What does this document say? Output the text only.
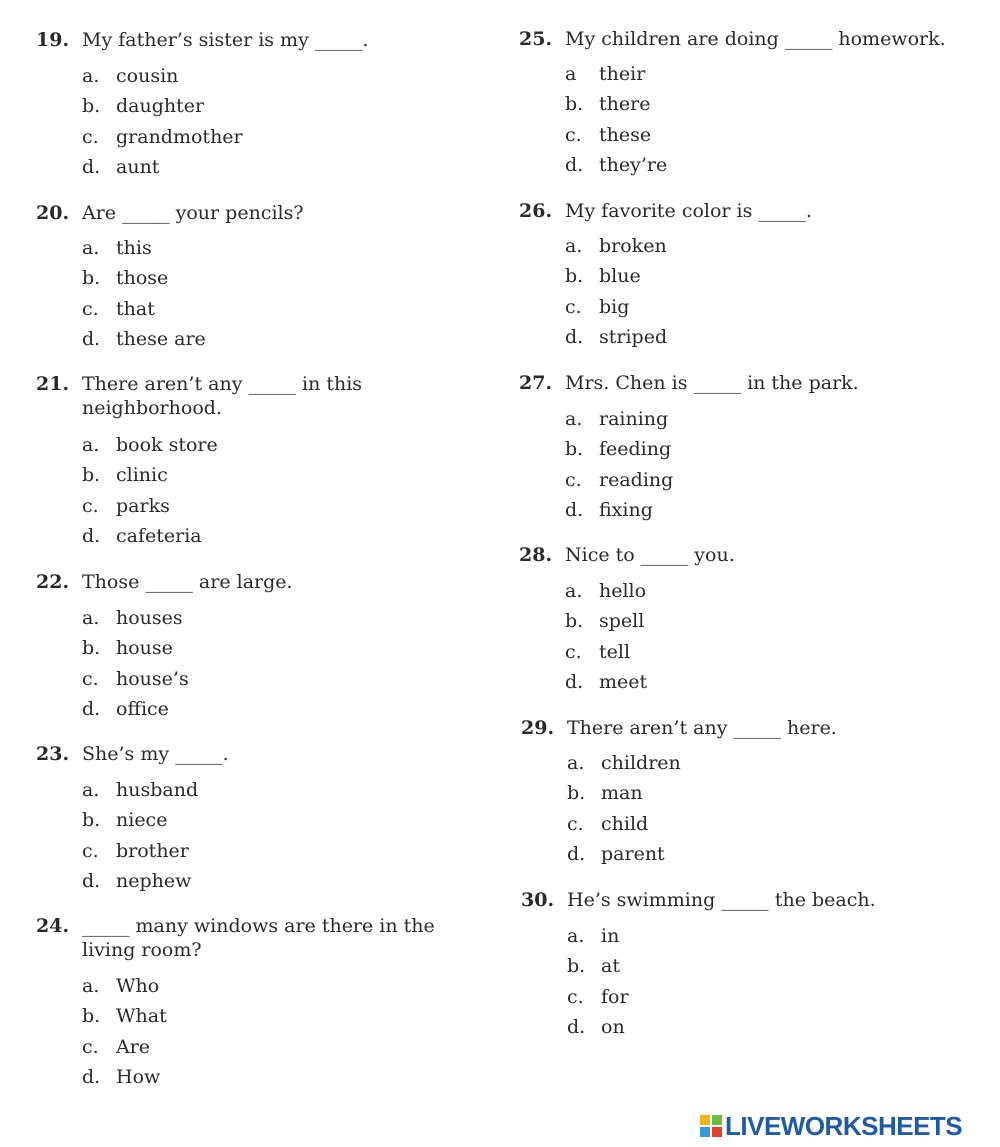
19. My father’s sister is my _____.
a. cousin
b. daughter
c. grandmother
d. aunt
20. Are _____ your pencils?
a. this
b. those
c. that
d. these are
21. There aren’t any _____ in this neighborhood.
a. book store
b. clinic
c. parks
d. cafeteria
22. Those _____ are large.
a. houses
b. house
c. house’s
d. office
23. She’s my _____.
a. husband
b. niece
c. brother
d. nephew
24. _____ many windows are there in the living room?
a. Who
b. What
c. Are
d. How
25. My children are doing _____ homework.
a their
b. there
c. these
d. they’re
26. My favorite color is _____.
a. broken
b. blue
c. big
d. striped
27. Mrs. Chen is _____ in the park.
a. raining
b. feeding
c. reading
d. fixing
28. Nice to _____ you.
a. hello
b. spell
c. tell
d. meet
29. There aren’t any _____ here.
a. children
b. man
c. child
d. parent
30. He’s swimming _____ the beach.
a. in
b. at
c. for
d. on
LIVEWORKSHEETS
